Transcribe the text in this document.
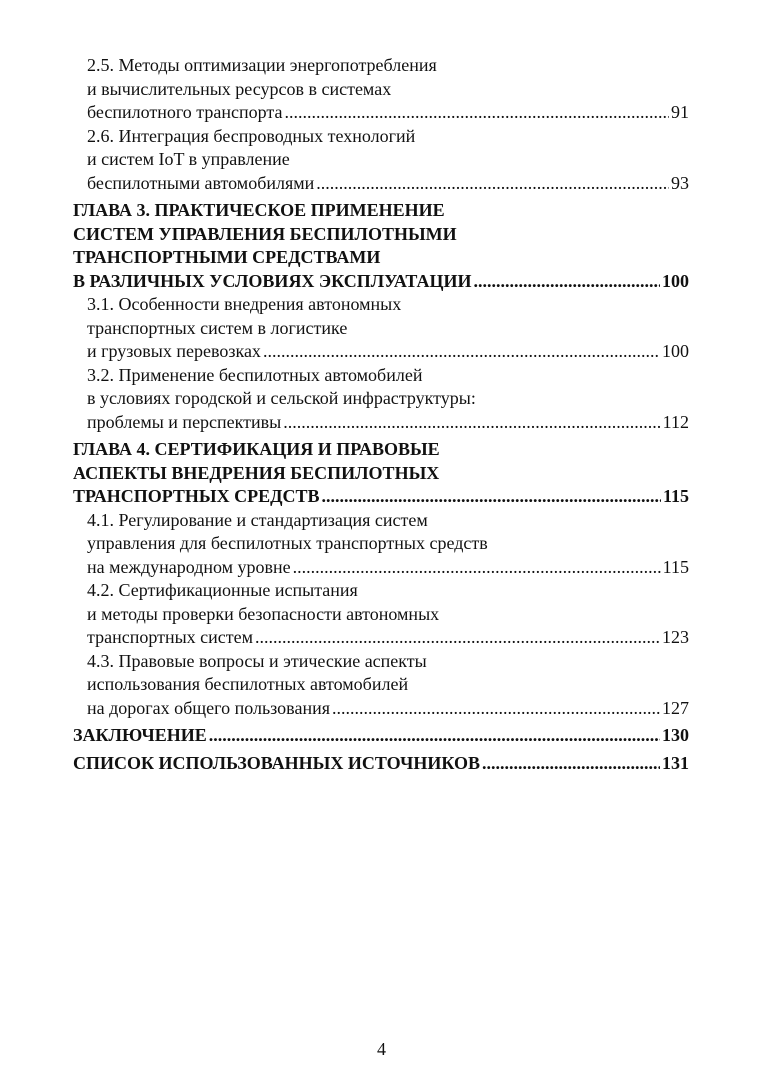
2.5. Методы оптимизации энергопотребления
и вычислительных ресурсов в системах
беспилотного транспорта .....	91
2.6. Интеграция беспроводных технологий
и систем IoT в управление
беспилотными автомобилями .....	93
ГЛАВА 3. ПРАКТИЧЕСКОЕ ПРИМЕНЕНИЕ
СИСТЕМ УПРАВЛЕНИЯ БЕСПИЛОТНЫМИ
ТРАНСПОРТНЫМИ СРЕДСТВАМИ
В РАЗЛИЧНЫХ УСЛОВИЯХ ЭКСПЛУАТАЦИИ .....	100
3.1. Особенности внедрения автономных
транспортных систем в логистике
и грузовых перевозках .....	100
3.2. Применение беспилотных автомобилей
в условиях городской и сельской инфраструктуры:
проблемы и перспективы .....	112
ГЛАВА 4. СЕРТИФИКАЦИЯ И ПРАВОВЫЕ
АСПЕКТЫ ВНЕДРЕНИЯ БЕСПИЛОТНЫХ
ТРАНСПОРТНЫХ СРЕДСТВ .....	115
4.1. Регулирование и стандартизация систем
управления для беспилотных транспортных средств
на международном уровне .....	115
4.2. Сертификационные испытания
и методы проверки безопасности автономных
транспортных систем .....	123
4.3. Правовые вопросы и этические аспекты
использования беспилотных автомобилей
на дорогах общего пользования .....	127
ЗАКЛЮЧЕНИЕ .....	130
СПИСОК ИСПОЛЬЗОВАННЫХ ИСТОЧНИКОВ .....	131
4
